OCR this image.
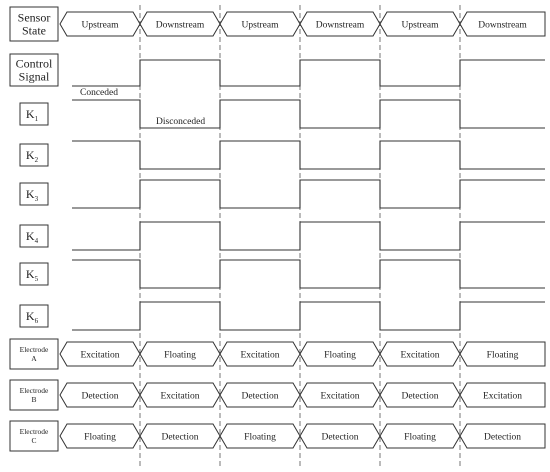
Sensor
State	Upstream	Downstream	Upstream	Downstream	Upstream	Downstream
Control
Signal
$K_1$
$K_2$
$K_3$
$K_4$
$K_5$
$K_6$
Electrode
A	Excitation	Floating	Excitation	Floating	Excitation	Floating
Electrode
B	Detection	Excitation	Detection	Excitation	Detection	Excitation
Electrode
C	Floating	Detection	Floating	Detection	Floating	Detection
Conceded
Disconceded
